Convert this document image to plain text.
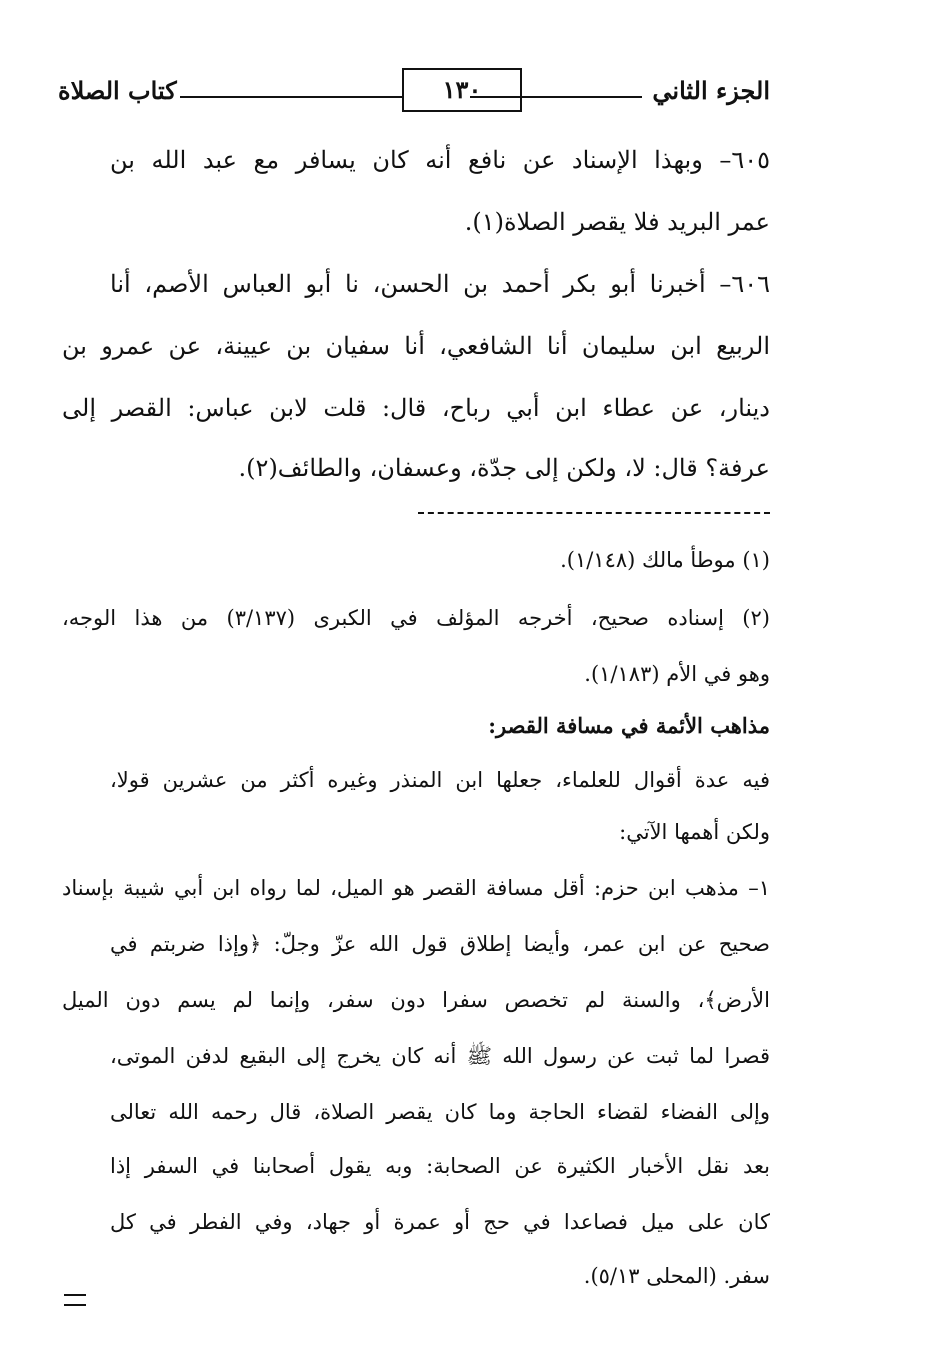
الجزء الثاني
١٣٠
كتاب الصلاة
٦٠٥– وبهذا الإسناد عن نافع أنه كان يسافر مع عبد الله بن
عمر البريد فلا يقصر الصلاة(١).
٦٠٦– أخبرنا أبو بكر أحمد بن الحسن، نا أبو العباس الأصم، أنا
الربيع ابن سليمان أنا الشافعي، أنا سفيان بن عيينة، عن عمرو بن
دينار، عن عطاء ابن أبي رباح، قال: قلت لابن عباس: القصر إلى
عرفة؟ قال: لا، ولكن إلى جدّة، وعسفان، والطائف(٢).
(١) موطأ مالك (١/١٤٨).
(٢) إسناده صحيح، أخرجه المؤلف في الكبرى (٣/١٣٧) من هذا الوجه،
وهو في الأم (١/١٨٣).
مذاهب الأئمة في مسافة القصر:
فيه عدة أقوال للعلماء، جعلها ابن المنذر وغيره أكثر من عشرين قولا،
ولكن أهمها الآتي:
١– مذهب ابن حزم: أقل مسافة القصر هو الميل، لما رواه ابن أبي شيبة بإسناد
صحيح عن ابن عمر، وأيضا إطلاق قول الله عزّ وجلّ: ﴿وإذا ضربتم في
الأرض﴾، والسنة لم تخصص سفرا دون سفر، وإنما لم يسم دون الميل
قصرا لما ثبت عن رسول الله ﷺ أنه كان يخرج إلى البقيع لدفن الموتى،
وإلى الفضاء لقضاء الحاجة وما كان يقصر الصلاة، قال رحمه الله تعالى
بعد نقل الأخبار الكثيرة عن الصحابة: وبه يقول أصحابنا في السفر إذا
كان على ميل فصاعدا في حج أو عمرة أو جهاد، وفي الفطر في كل
سفر. (المحلى ٥/١٣).
